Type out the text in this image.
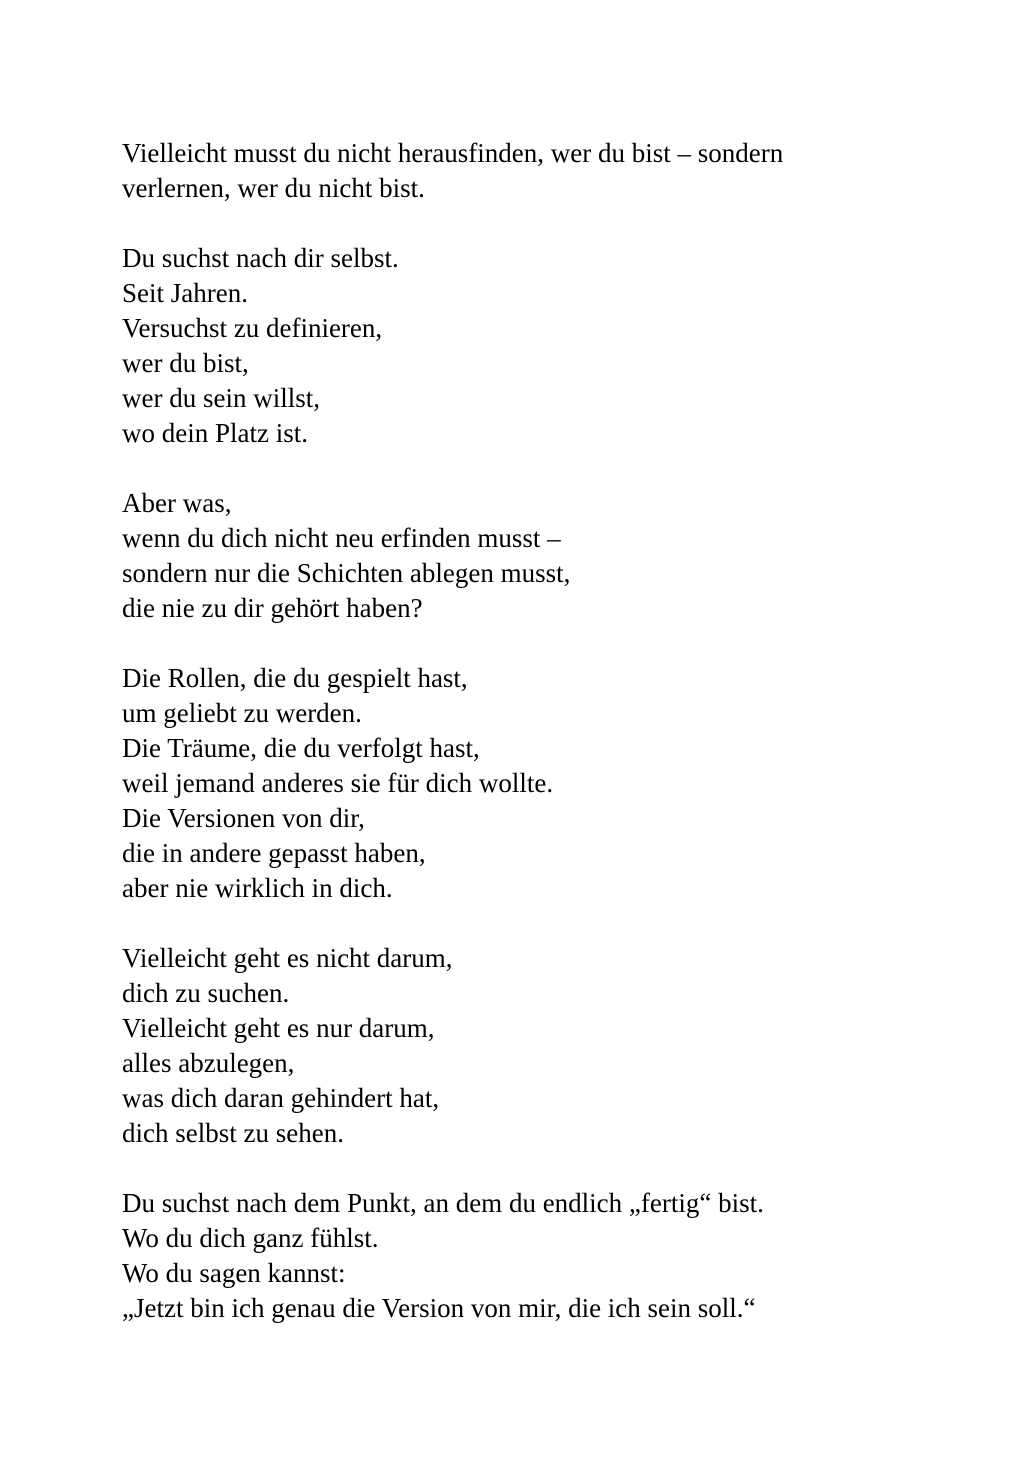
Vielleicht musst du nicht herausfinden, wer du bist – sondern
verlernen, wer du nicht bist.
Du suchst nach dir selbst.
Seit Jahren.
Versuchst zu definieren,
wer du bist,
wer du sein willst,
wo dein Platz ist.
Aber was,
wenn du dich nicht neu erfinden musst –
sondern nur die Schichten ablegen musst,
die nie zu dir gehört haben?
Die Rollen, die du gespielt hast,
um geliebt zu werden.
Die Träume, die du verfolgt hast,
weil jemand anderes sie für dich wollte.
Die Versionen von dir,
die in andere gepasst haben,
aber nie wirklich in dich.
Vielleicht geht es nicht darum,
dich zu suchen.
Vielleicht geht es nur darum,
alles abzulegen,
was dich daran gehindert hat,
dich selbst zu sehen.
Du suchst nach dem Punkt, an dem du endlich „fertig“ bist.
Wo du dich ganz fühlst.
Wo du sagen kannst:
„Jetzt bin ich genau die Version von mir, die ich sein soll.“
